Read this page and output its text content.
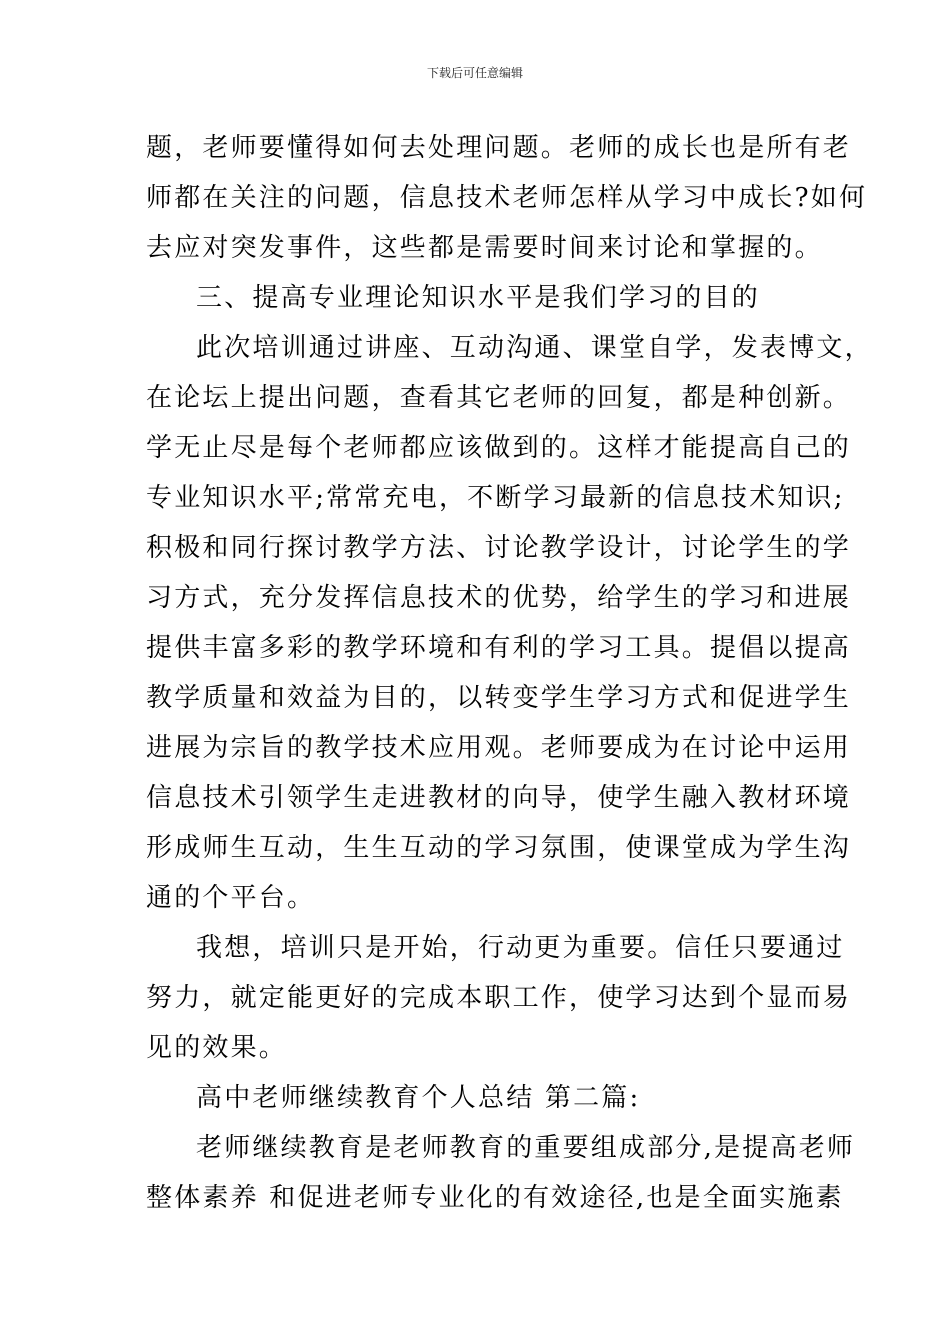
下载后可任意编辑
题，老师要懂得如何去处理问题。老师的成长也是所有老
师都在关注的问题，信息技术老师怎样从学习中成长?如何
去应对突发事件，这些都是需要时间来讨论和掌握的。
三、提高专业理论知识水平是我们学习的目的
此次培训通过讲座、互动沟通、课堂自学，发表博文，
在论坛上提出问题，查看其它老师的回复，都是种创新。
学无止尽是每个老师都应该做到的。这样才能提高自己的
专业知识水平;常常充电，不断学习最新的信息技术知识;
积极和同行探讨教学方法、讨论教学设计，讨论学生的学
习方式，充分发挥信息技术的优势，给学生的学习和进展
提供丰富多彩的教学环境和有利的学习工具。提倡以提高
教学质量和效益为目的，以转变学生学习方式和促进学生
进展为宗旨的教学技术应用观。老师要成为在讨论中运用
信息技术引领学生走进教材的向导，使学生融入教材环境
形成师生互动，生生互动的学习氛围，使课堂成为学生沟
通的个平台。
我想，培训只是开始，行动更为重要。信任只要通过
努力，就定能更好的完成本职工作，使学习达到个显而易
见的效果。
高中老师继续教育个人总结 第二篇:
老师继续教育是老师教育的重要组成部分,是提高老师
整体素养 和促进老师专业化的有效途径,也是全面实施素
